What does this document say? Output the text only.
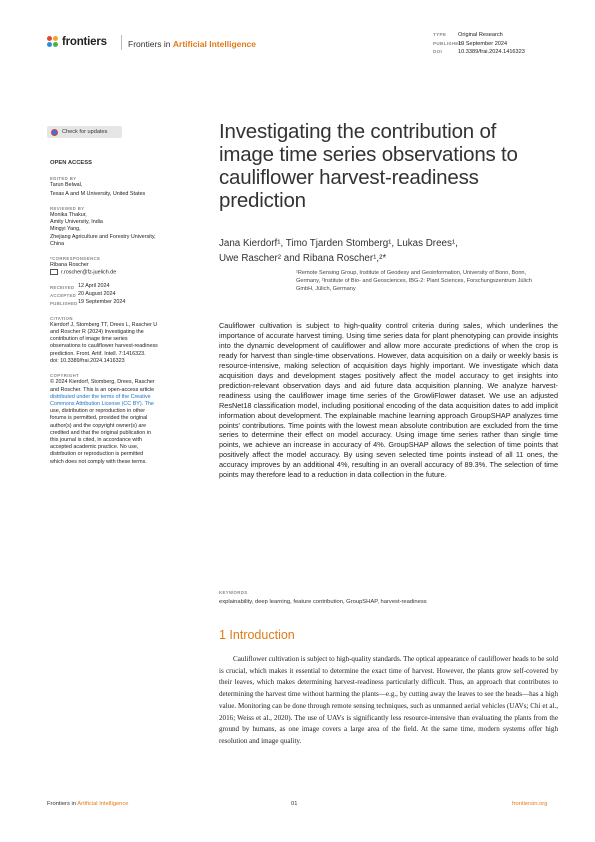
frontiers Frontiers in Artificial Intelligence
TYPE Original Research
PUBLISHED19 September 2024
DOI	10.3389/frai.2024.1416323
Check for updates
OPEN ACCESS
EDITED BY
Tarun Belwal,
Texas A and M University, United States
REVIEWED BY
Monika Thakur,
Amity University, India
Mingyi Yang,
Zhejiang Agriculture and Forestry University,
China
*CORRESPONDENCE
Ribana Roscher
r.roscher@fz-juelich.de
RECEIVED 12 April 2024
ACCEPTED 20 August 2024
PUBLISHED 19 September 2024
CITATION
Kierdorf J, Stomberg TT, Drees L, Rascher U
and Roscher R (2024) Investigating the
contribution of image time series
observations to cauliflower harvest-readiness
prediction. Front. Artif. Intell. 7:1416323.
doi: 10.3389/frai.2024.1416323
COPYRIGHT
© 2024 Kierdorf, Stomberg, Drees, Rascher
and Roscher. This is an open-access article
distributed under the terms of the Creative
Commons Attribution License (CC BY). The
use, distribution or reproduction in other
forums is permitted, provided the original
author(s) and the copyright owner(s) are
credited and that the original publication in
this journal is cited, in accordance with
accepted academic practice. No use,
distribution or reproduction is permitted
which does not comply with these terms.
Investigating the contribution of
image time series observations to
cauliflower harvest-readiness
prediction
Jana Kierdorf¹, Timo Tjarden Stomberg¹, Lukas Drees¹,
Uwe Rascher² and Ribana Roscher¹,²*
¹Remote Sensing Group, Institute of Geodesy and Geoinformation, University of Bonn, Bonn,
Germany, ²Institute of Bio- and Geosciences, IBG-2: Plant Sciences, Forschungszentrum Jülich
GmbH, Jülich, Germany
Cauliflower cultivation is subject to high-quality control criteria during sales, which underlines the importance of accurate harvest timing. Using time series data for plant phenotyping can provide insights into the dynamic development of cauliflower and allow more accurate predictions of when the crop is ready for harvest than single-time observations. However, data acquisition on a daily or weekly basis is resource-intensive, making selection of acquisition days highly important. We investigate which data acquisition days and development stages positively affect the model accuracy to get insights into prediction-relevant observation days and aid future data acquisition planning. We analyze harvest-readiness using the cauliflower image time series of the GrowliFlower dataset. We use an adjusted ResNet18 classification model, including positional encoding of the data acquisition dates to add implicit information about development. The explainable machine learning approach GroupSHAP analyzes time points' contributions. Time points with the lowest mean absolute contribution are excluded from the time series to determine their effect on model accuracy. Using image time series rather than single time points, we achieve an increase in accuracy of 4%. GroupSHAP allows the selection of time points that positively affect the model accuracy. By using seven selected time points instead of all 11 ones, the accuracy improves by an additional 4%, resulting in an overall accuracy of 89.3%. The selection of time points may therefore lead to a reduction in data collection in the future.
KEYWORDS
explainability, deep learning, feature contribution, GroupSHAP, harvest-readiness
1 Introduction

Cauliflower cultivation is subject to high-quality standards. The optical appearance of cauliflower heads to be sold is crucial, which makes it essential to determine the exact time of harvest. However, the plants grow self-covered by their leaves, which makes determining harvest-readiness particularly difficult. Thus, an approach that contributes to determining the harvest time without harming the plants—e.g., by cutting away the leaves to see the heads—has a high value. Monitoring can be done through remote sensing techniques, such as unmanned aerial vehicles (UAVs; Chi et al., 2016; Weiss et al., 2020). The use of UAVs is significantly less resource-intensive than evaluating the plants from the ground by humans, as one image covers a large area of the field. At the same time, modern systems offer high resolution and image quality.

Frontiers in Artificial Intelligence	01	frontiersin.org
